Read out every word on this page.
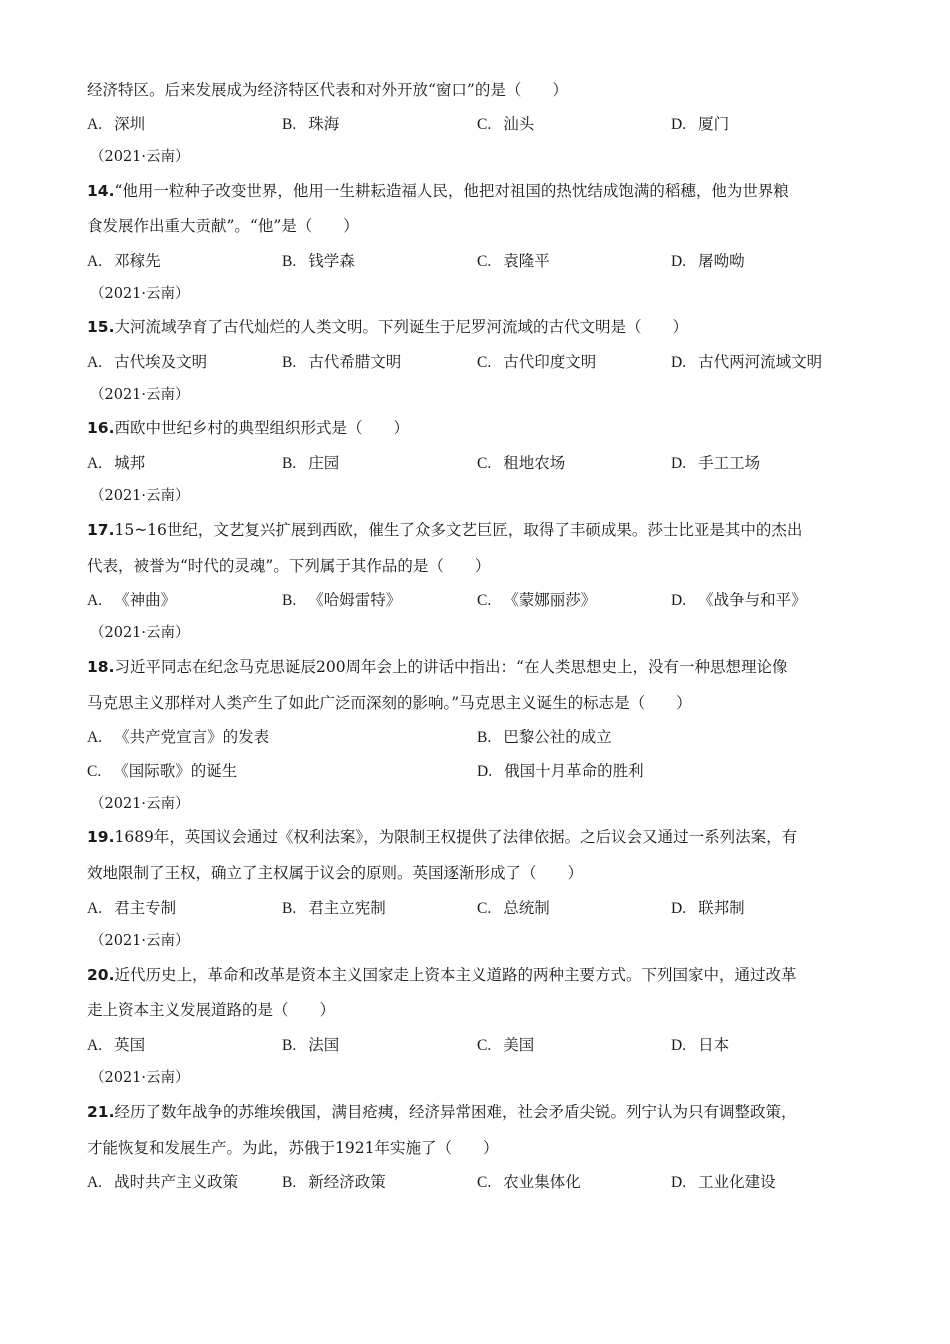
经济特区。后来发展成为经济特区代表和对外开放“窗口”的是（　　）
A. 深圳	B. 珠海	C. 汕头	D. 厦门
（2021·云南）
14.“他用一粒种子改变世界，他用一生耕耘造福人民，他把对祖国的热忱结成饱满的稻穗，他为世界粮
食发展作出重大贡献”。“他”是（　　）
A. 邓稼先	B. 钱学森	C. 袁隆平	D. 屠呦呦
（2021·云南）
15.大河流域孕育了古代灿烂的人类文明。下列诞生于尼罗河流域的古代文明是（　　）
A. 古代埃及文明	B. 古代希腊文明	C. 古代印度文明	D. 古代两河流域文明
（2021·云南）
16.西欧中世纪乡村的典型组织形式是（　　）
A. 城邦	B. 庄园	C. 租地农场	D. 手工工场
（2021·云南）
17.15~16世纪，文艺复兴扩展到西欧，催生了众多文艺巨匠，取得了丰硕成果。莎士比亚是其中的杰出
代表，被誉为“时代的灵魂”。下列属于其作品的是（　　）
A. 《神曲》	B. 《哈姆雷特》	C. 《蒙娜丽莎》	D. 《战争与和平》
（2021·云南）
18.习近平同志在纪念马克思诞辰200周年会上的讲话中指出：“在人类思想史上，没有一种思想理论像
马克思主义那样对人类产生了如此广泛而深刻的影响。”马克思主义诞生的标志是（　　）
A. 《共产党宣言》的发表	B. 巴黎公社的成立
C. 《国际歌》的诞生	D. 俄国十月革命的胜利
（2021·云南）
19.1689年，英国议会通过《权利法案》，为限制王权提供了法律依据。之后议会又通过一系列法案，有
效地限制了王权，确立了主权属于议会的原则。英国逐渐形成了（　　）
A. 君主专制	B. 君主立宪制	C. 总统制	D. 联邦制
（2021·云南）
20.近代历史上，革命和改革是资本主义国家走上资本主义道路的两种主要方式。下列国家中，通过改革
走上资本主义发展道路的是（　　）
A. 英国	B. 法国	C. 美国	D. 日本
（2021·云南）
21.经历了数年战争的苏维埃俄国，满目疮痍，经济异常困难，社会矛盾尖锐。列宁认为只有调整政策，
才能恢复和发展生产。为此，苏俄于1921年实施了（　　）
A. 战时共产主义政策	B. 新经济政策	C. 农业集体化	D. 工业化建设
